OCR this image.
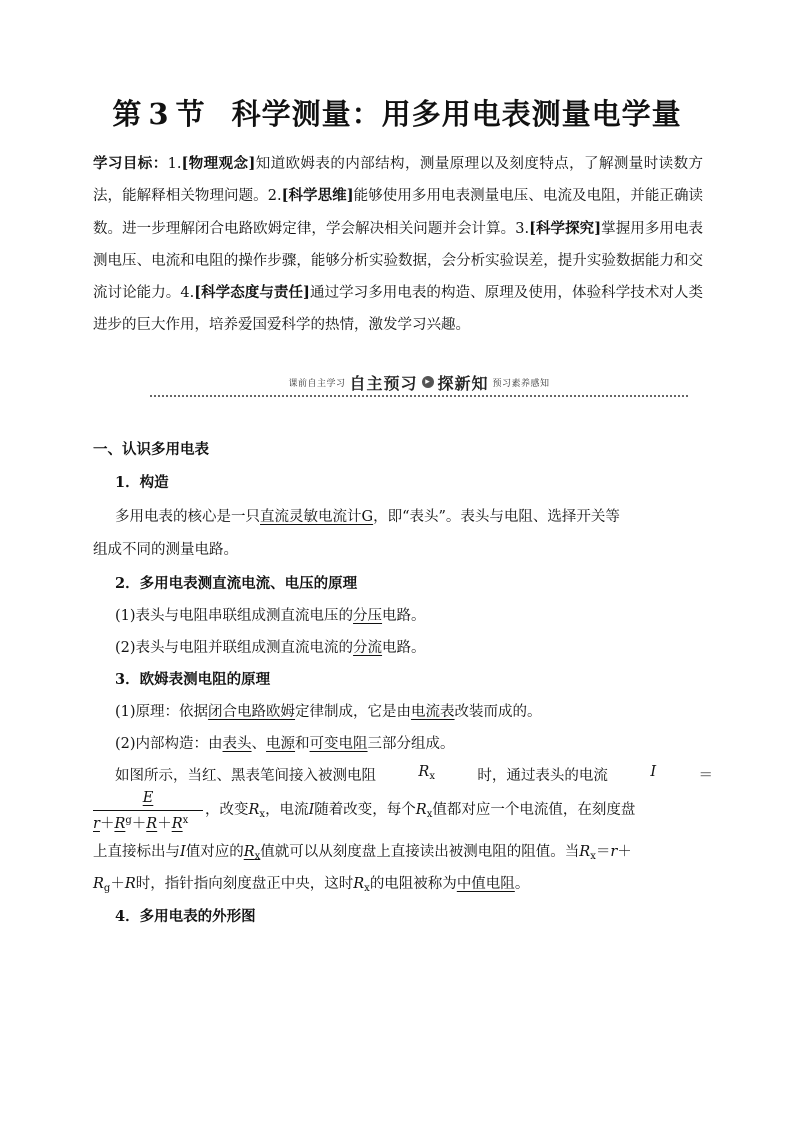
第 3 节 科学测量：用多用电表测量电学量
学习目标：1.[物理观念]知道欧姆表的内部结构，测量原理以及刻度特点，了解测量时读数方法，能解释相关物理问题。2.[科学思维]能够使用多用电表测量电压、电流及电阻，并能正确读数。进一步理解闭合电路欧姆定律，学会解决相关问题并会计算。3.[科学探究]掌握用多用电表测电压、电流和电阻的操作步骤，能够分析实验数据，会分析实验误差，提升实验数据能力和交流讨论能力。4.[科学态度与责任]通过学习多用电表的构造、原理及使用，体验科学技术对人类进步的巨大作用，培养爱国爱科学的热情，激发学习兴趣。
课前自主学习 自主预习 ▸ 探新知 预习素养感知
一、认识多用电表
1．构造
多用电表的核心是一只直流灵敏电流计G，即“表头”。表头与电阻、选择开关等
组成不同的测量电路。
2．多用电表测直流电流、电压的原理
(1)表头与电阻串联组成测直流电压的分压电路。
(2)表头与电阻并联组成测直流电流的分流电路。
3．欧姆表测电阻的原理
(1)原理：依据闭合电路欧姆定律制成，它是由电流表改装而成的。
(2)内部构造：由表头、电源和可变电阻三部分组成。
如图所示，当红、黑表笔间接入被测电阻	$R_x$	时，通过表头的电流	I	＝
E
$r+R^g+R+R^x$
，改变$R_x$，电流I随着改变，每个$R_x$值都对应一个电流值，在刻度盘
上直接标出与I值对应的$R_x$值就可以从刻度盘上直接读出被测电阻的阻值。当$R_x=r+$
$R_g+R$时，指针指向刻度盘正中央，这时$R_x$的电阻被称为中值电阻。
4．多用电表的外形图
